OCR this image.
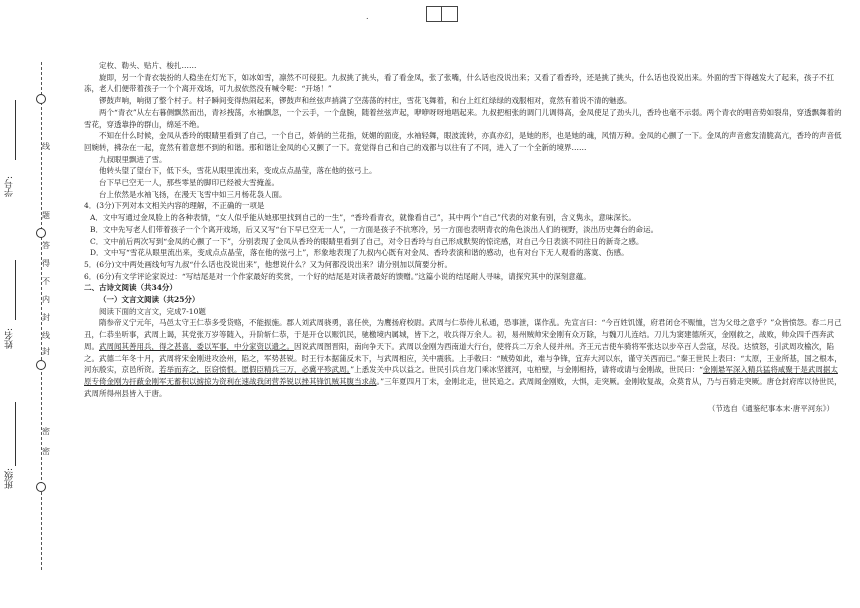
.
学号:
姓名:
班级:
线
题
答
得
不
内
封
线
封
密
密

定枚、勒头、贴片、梭扎……

旋即，另一个青衣装扮的人稳坐在灯光下，如冰如雪，凛然不可侵犯。九叔挑了挑头，看了看金凤，张了张嘴，什么话也没说出来；又看了看香玲，还是挑了挑头，什么话也没说出来。外面的雪下得越发大了起来，孩子不扛冻，老人们便带着孩子一个个离开戏场，可九叔依然没有喊令呢：“开场！”

锣鼓声响，响彻了整个村子。村子瞬间变得热闹起来，锣鼓声和丝弦声捎满了空荡荡的村庄，雪花飞舞着，和台上红红绿绿的戏服相对，竟然有着说不清的魅惑。

两个“青衣”从左右暮侧飘然而出，青衫拽荡，水袖飘忽，一个云手，一个盘腕，随着丝弦声起，咿咿呀呀地唱起来。九叔把相张的调门儿调得高，金凤使足了劲头儿，香玲也毫不示弱。两个青衣的唱音势如裂帛，穿透飘舞着的雪花，穿透靠挣的群山，绵延不绝。

不知在什么时候，金凤从香玲的眼睛里看到了自己，一个自己，娇俏的兰花指，妩媚的面庞，水袖轻舞，眼波流转，亦真亦幻，是她的形，也是她的魂，风情万种。金凤的心颤了一下。金凤的声音愈发清脆高亢，香玲的声音低回婉转，拂杂在一起，竟然有着意想不到的和谐。那和谐让金凤的心又颤了一下。竟觉得自己和自己的戏都与以往有了不同，进入了一个全新的境界……

九叔眼里飘进了雪。

他转头望了望台下，低下头，雪花从眼里流出来，变成点点晶莹，落在他的弦弓上。

台下早已空无一人，那些零星的脚印已经被大雪掩盖。

台上依然是水袖飞扬，在漫天飞雪中如三月杨花袅人面。

4．(3分)下列对本文相关内容的理解，不正确的一项是

A．文中写通过金凤脸上的各种表情，“女人似乎能从她那里找到自己的一生”，“香玲看青衣，就像看自己”，其中两个“自己”代表的对象有别，含义隽永，意味深长。

B．文中先写老人们带着孩子一个个离开戏场，后又又写“台下早已空无一人”，一方面是孩子不抗寒冷，另一方面也表明青衣的角色淡出人们的视野，淡出历史舞台的命运。

C．文中前后两次写到“金凤的心颤了一下”，分别表现了金凤从香玲的眼睛里看到了自己，对令日香玲与自己形成默契的惊诧感，对自己今日表演不同往日的新奇之感。

D．文中写“雪花从眼里流出来，变成点点晶莹，落在他的弦弓上”，形象地表现了九叔内心既有对金凤、香玲表演和谐的感动，也有对台下无人观看的落寞、伤感。

5．(6分)文中两处画线句写九叔“什么话也没说出来”，他想说什么？又为何都没说出来？请分别加以简要分析。

6．(6分)有文学评论家说过：“写结尾是对一个作家最好的奖赏，一个好的结尾是对读者最好的馈赠。”这篇小说的结尾耐人寻味，请探究其中的深刻意蕴。

二、古诗文阅读（共34分）

（一）文言文阅读（共25分）

阅读下面的文言文，完成7-10题

隋参帝义宁元年，马邑太守王仁恭多受货赂，不能振施。郡人刘武周骁勇，喜任侠，为鹰扬府校尉。武周与仁恭侍儿私通，恐事泄，谋作乱。先宣言曰：“今百姓饥馑，府君闭仓不赈恤，岂为父母之意乎？”众皆愤怨。春二月己丑，仁恭坐听事，武周上谒，其党张万岁等随入，升阶斩仁恭，于是开仓以赈饥民，驰檄境内属城，皆下之，收兵得万余人。初，易州贼帅宋金刚有众万除，与魏刀儿连结。刀儿为窦建德所灭，金刚救之，战败，帅众四千西奔武周。武周闻其善用兵，得之甚喜，委以军事，中分家资以遗之。因说武周图晋阳，南向争天下。武周以金刚为西南道大行台，使将兵二万余人侵并州。齐王元吉使车骑将军张达以步卒百人尝寇，尽没。达愤怒，引武周攻榆次，陷之。武德二年冬十月，武周将宋金刚进攻浍州，陷之，军势甚锐。时王行本据蒲反未下，与武周相应，关中震骇。上手敕曰：“贼势如此，难与争锋，宜弃大河以东，谨守关西而已。”秦王世民上表曰：“太原，王业所基，国之根本，河东殷实，京邑所资。若举而弃之，臣窃愤恨。愿假臣精兵三万，必冀平殄武周。”上悉发关中兵以益之。世民引兵自龙门乘冰坚渡河，屯柏壁，与金刚相持，请将或请与金刚战，世民曰：“金刚悬军深入精兵猛将咸聚于是武周据太原专倚金刚为扞蔽金刚军无蓄积以掳掠为资利在速战我闭营养锐以挫其锋饥贼其腹当求战。”三年夏四月丁未，金刚北走，世民追之。武周闻金刚败，大惧，走突厥。金刚收复战，众莫肯从，乃与百骑走突厥。唐仓封府库以待世民，武周所得州县皆入于唐。

（节选自《通鉴纪事本末·唐平河东》）
